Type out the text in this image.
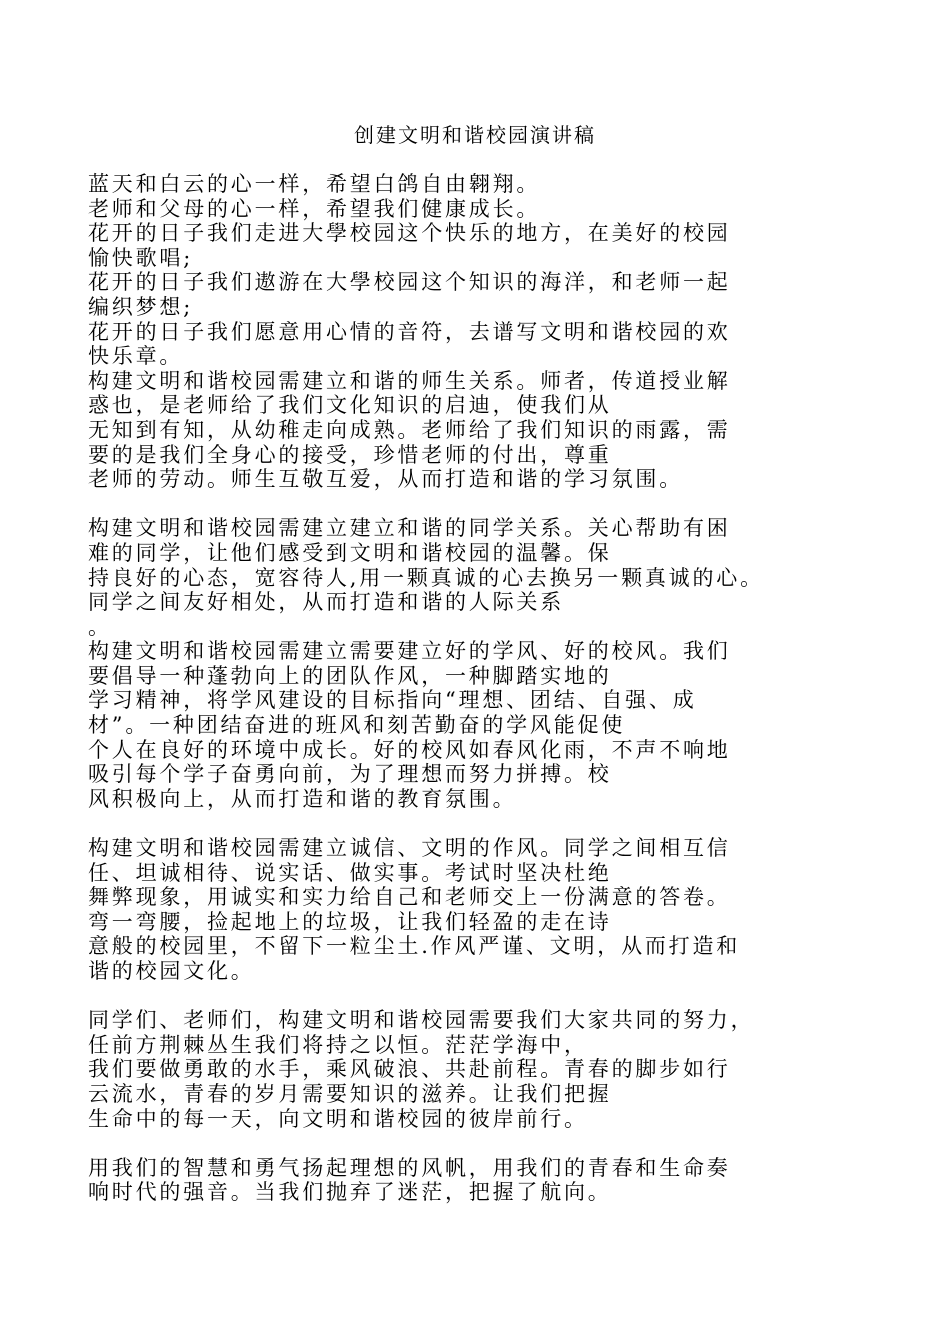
创建文明和谐校园演讲稿
蓝天和白云的心一样，希望白鸽自由翱翔。
老师和父母的心一样，希望我们健康成长。
花开的日子我们走进大學校园这个快乐的地方，在美好的校园
愉快歌唱;
花开的日子我们遨游在大學校园这个知识的海洋，和老师一起
编织梦想;
花开的日子我们愿意用心情的音符，去谱写文明和谐校园的欢
快乐章。
构建文明和谐校园需建立和谐的师生关系。师者，传道授业解
惑也，是老师给了我们文化知识的启迪，使我们从
无知到有知，从幼稚走向成熟。老师给了我们知识的雨露，需
要的是我们全身心的接受，珍惜老师的付出，尊重
老师的劳动。师生互敬互爱，从而打造和谐的学习氛围。
构建文明和谐校园需建立建立和谐的同学关系。关心帮助有困
难的同学，让他们感受到文明和谐校园的温馨。保
持良好的心态，宽容待人,用一颗真诚的心去换另一颗真诚的心。
同学之间友好相处，从而打造和谐的人际关系
。
构建文明和谐校园需建立需要建立好的学风、好的校风。我们
要倡导一种蓬勃向上的团队作风，一种脚踏实地的
学习精神，将学风建设的目标指向“理想、团结、自强、成
材”。一种团结奋进的班风和刻苦勤奋的学风能促使
个人在良好的环境中成长。好的校风如春风化雨，不声不响地
吸引每个学子奋勇向前，为了理想而努力拼搏。校
风积极向上，从而打造和谐的教育氛围。
构建文明和谐校园需建立诚信、文明的作风。同学之间相互信
任、坦诚相待、说实话、做实事。考试时坚决杜绝
舞弊现象，用诚实和实力给自己和老师交上一份满意的答卷。
弯一弯腰，捡起地上的垃圾，让我们轻盈的走在诗
意般的校园里，不留下一粒尘土.作风严谨、文明，从而打造和
谐的校园文化。
同学们、老师们，构建文明和谐校园需要我们大家共同的努力，
任前方荆棘丛生我们将持之以恒。茫茫学海中，
我们要做勇敢的水手，乘风破浪、共赴前程。青春的脚步如行
云流水，青春的岁月需要知识的滋养。让我们把握
生命中的每一天，向文明和谐校园的彼岸前行。
用我们的智慧和勇气扬起理想的风帆，用我们的青春和生命奏
响时代的强音。当我们抛弃了迷茫，把握了航向。
